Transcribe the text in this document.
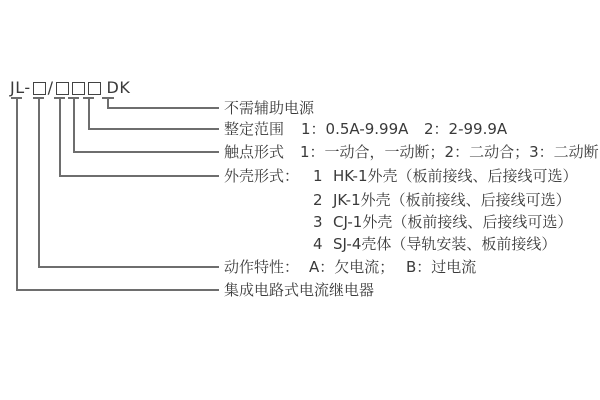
JL- /	DK
不需辅助电源
整定范围 1：0.5A-9.99A 2：2-99.9A
触点形式 1：一动合，一动断；2：二动合；3：二动断
外壳形式： 1 HK-1外壳（板前接线、后接线可选）
2 JK-1外壳（板前接线、后接线可选）
3 CJ-1外壳（板前接线、后接线可选）
4 SJ-4壳体（导轨安装、板前接线）
动作特性： A：欠电流； B：过电流
集成电路式电流继电器
